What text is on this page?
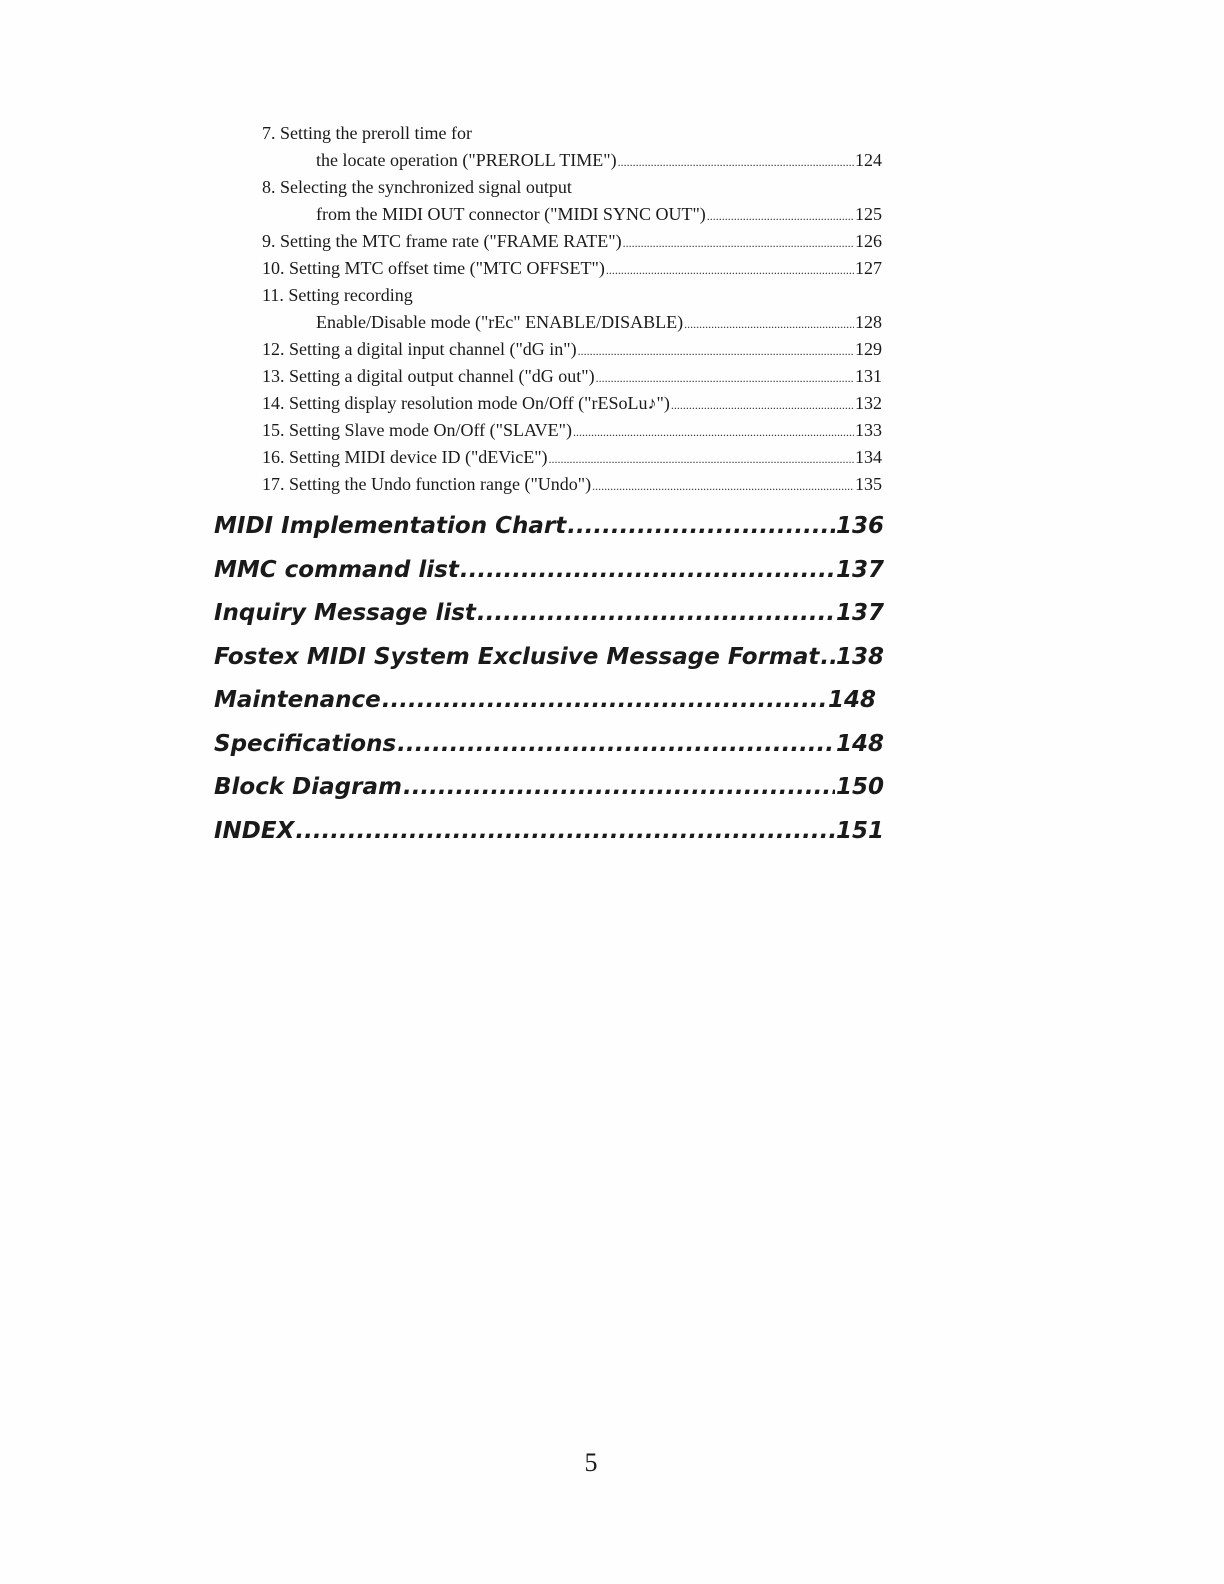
7. Setting the preroll time for
the locate operation ("PREROLL TIME") .....	124
8. Selecting the synchronized signal output
from the MIDI OUT connector ("MIDI SYNC OUT") .....	125
9. Setting the MTC frame rate ("FRAME RATE") .....	126
10. Setting MTC offset time ("MTC OFFSET") .....	127
11. Setting recording
Enable/Disable mode ("rEc" ENABLE/DISABLE) .....	128
12. Setting a digital input channel ("dG in") .....	129
13. Setting a digital output channel ("dG out") .....	131
14. Setting display resolution mode On/Off ("rESoLu♪") .....	132
15. Setting Slave mode On/Off ("SLAVE") .....	133
16. Setting MIDI device ID ("dEVicE") .....	134
17. Setting the Undo function range ("Undo") .....	135
MIDI Implementation Chart .....	136
MMC command list .....	137
Inquiry Message list .....	137
Fostex MIDI System Exclusive Message Format ..... 138
Maintenance .....	148
Specifications .....	148
Block Diagram .....	150
INDEX .....	151
5
